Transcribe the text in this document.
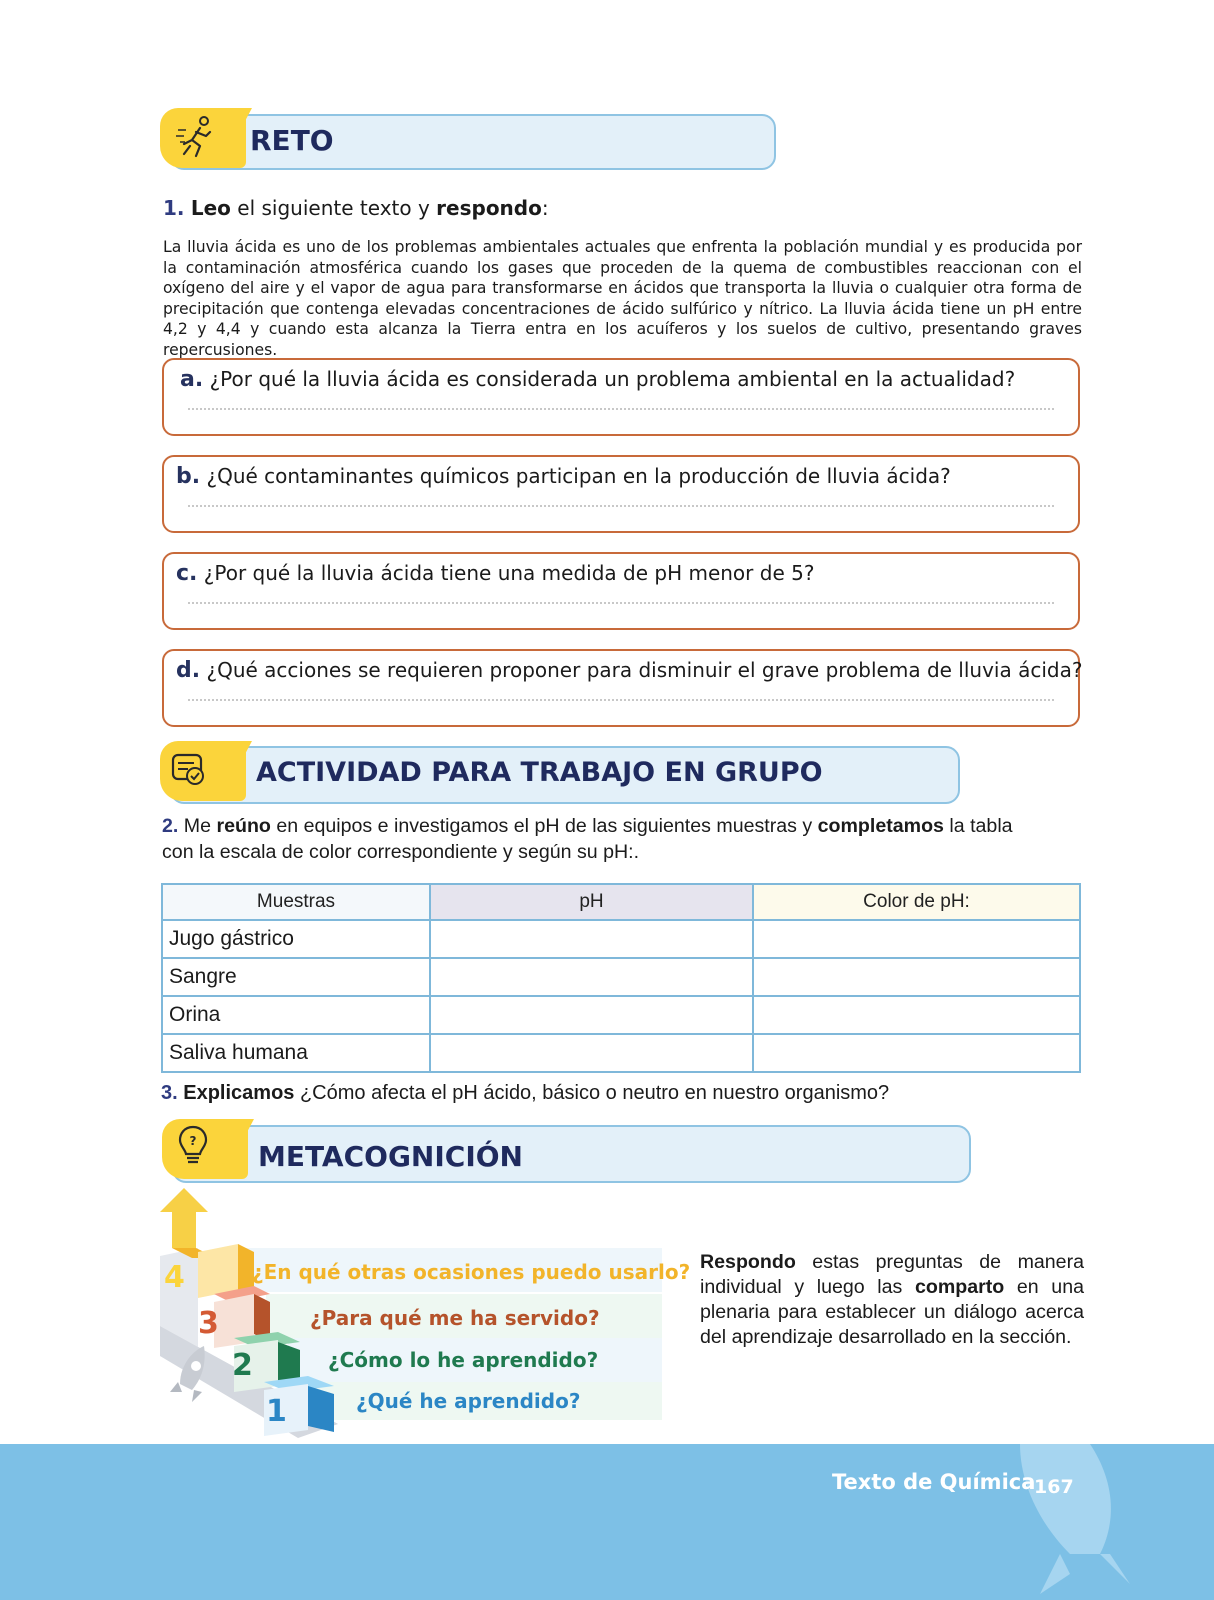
RETO
1. Leo el siguiente texto y respondo:
La lluvia ácida es uno de los problemas ambientales actuales que enfrenta la población mundial y es producida por la contaminación atmosférica cuando los gases que proceden de la quema de combustibles reaccionan con el oxígeno del aire y el vapor de agua para transformarse en ácidos que transporta la lluvia o cualquier otra forma de precipitación que contenga elevadas concentraciones de ácido sulfúrico y nítrico. La lluvia ácida tiene un pH entre 4,2 y 4,4 y cuando esta alcanza la Tierra entra en los acuíferos y los suelos de cultivo, presentando graves repercusiones.
a. ¿Por qué la lluvia ácida es considerada un problema ambiental en la actualidad?
b. ¿Qué contaminantes químicos participan en la producción de lluvia ácida?
c. ¿Por qué la lluvia ácida tiene una medida de pH menor de 5?
d. ¿Qué acciones se requieren proponer para disminuir el grave problema de lluvia ácida?
ACTIVIDAD PARA TRABAJO EN GRUPO
2. Me reúno en equipos e investigamos el pH de las siguientes muestras y completamos la tabla
con la escala de color correspondiente y según su pH:.
Muestras	pH	Color de pH:
Jugo gástrico		
Sangre		
Orina		
Saliva humana		
3. Explicamos ¿Cómo afecta el pH ácido, básico o neutro en nuestro organismo?
? METACOGNICIÓN
4
3
2
1
¿En qué otras ocasiones puedo usarlo?
¿Para qué me ha servido?
¿Cómo lo he aprendido?
¿Qué he aprendido?
Respondo estas preguntas de manera individual y luego las comparto en una plenaria para establecer un diálogo acerca del aprendizaje desarrollado en la sección.
Texto de Química
167
